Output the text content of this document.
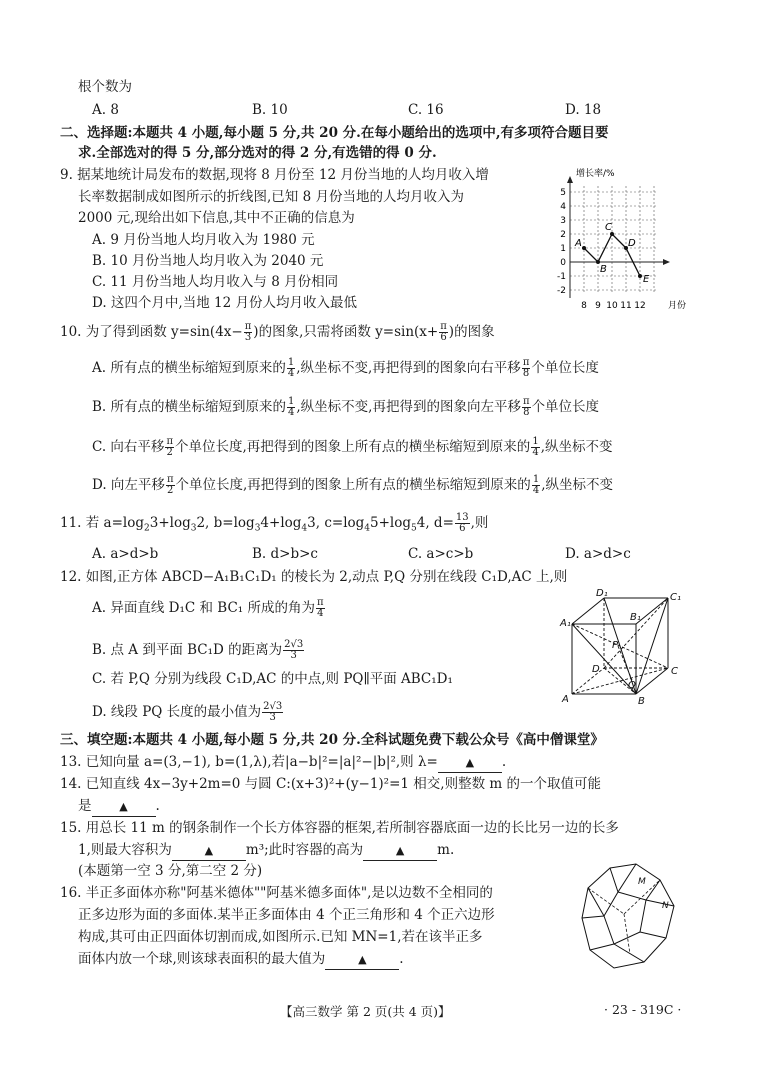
根个数为
A. 8	B. 10	C. 16	D. 18
二、选择题:本题共 4 小题,每小题 5 分,共 20 分.在每小题给出的选项中,有多项符合题目要
求.全部选对的得 5 分,部分选对的得 2 分,有选错的得 0 分.
9. 据某地统计局发布的数据,现将 8 月份至 12 月份当地的人均月收入增
长率数据制成如图所示的折线图,已知 8 月份当地的人均月收入为
2000 元,现给出如下信息,其中不正确的信息为
A. 9 月份当地人均月收入为 1980 元
B. 10 月份当地人均月收入为 2040 元
C. 11 月份当地人均月收入与 8 月份相同
D. 这四个月中,当地 12 月份人均月收入最低
增长率/%
月份
5
4
3
2
1
0
-1
-2
8 9 10 11 12
A
B
C
D
E
10. 为了得到函数 $y=\sin(4x- \frac{\pi}{3}$ )的图象,只需将函数 $y=\sin(x+ \frac{\pi}{6}$ )的图象
A. 所有点的横坐标缩短到原来的 $\frac{1}{4}$ ,纵坐标不变,再把得到的图象向右平移 $\frac{\pi}{8}$ 个单位长度
B. 所有点的横坐标缩短到原来的 $\frac{1}{4}$ ,纵坐标不变,再把得到的图象向左平移 $\frac{\pi}{8}$ 个单位长度
C. 向右平移 $\frac{\pi}{2}$ 个单位长度,再把得到的图象上所有点的横坐标缩短到原来的 $\frac{1}{4}$ ,纵坐标不变
D. 向左平移 $\frac{\pi}{2}$ 个单位长度,再把得到的图象上所有点的横坐标缩短到原来的 $\frac{1}{4}$ ,纵坐标不变
11. 若 $a=\log_23+\log_32$, $b=\log_34+\log_43$, $c=\log_45+\log_54$, $d= \frac{13}{6}$ ,则
A. a>d>b	B. d>b>c	C. a>c>b	D. a>d>c
12. 如图,正方体 ABCD−A₁B₁C₁D₁ 的棱长为 2,动点 P,Q 分别在线段 C₁D,AC 上,则
A. 异面直线 D₁C 和 BC₁ 所成的角为 $\frac{\pi}{4}$
B. 点 A 到平面 BC₁D 的距离为 $\frac{2√3}{3}$
C. 若 P,Q 分别为线段 C₁D,AC 的中点,则 PQ∥平面 ABC₁D₁
D. 线段 PQ 长度的最小值为 $\frac{2√3}{3}$
D₁	C₁
A₁
B₁
P
D	C
Q
A	B
三、填空题:本题共 4 小题,每小题 5 分,共 20 分.全科试题免费下载公众号《高中僧课堂》
13. 已知向量 a=(3,−1), b=(1,λ),若|a−b|²=|a|²−|b|²,则 λ=	▲ .
14. 已知直线 4x−3y+2m=0 与圆 C:(x+3)²+(y−1)²=1 相交,则整数 m 的一个取值可能
是	▲ .
15. 用总长 11 m 的钢条制作一个长方体容器的框架,若所制容器底面一边的长比另一边的长多
1,则最大容积为	▲ m³;此时容器的高为	▲ m.
(本题第一空 3 分,第二空 2 分)
16. 半正多面体亦称"阿基米德体""阿基米德多面体",是以边数不全相同的
正多边形为面的多面体.某半正多面体由 4 个正三角形和 4 个正六边形
构成,其可由正四面体切割而成,如图所示.已知 MN=1,若在该半正多
面体内放一个球,则该球表面积的最大值为	▲ .
M
N
【高三数学 第 2 页(共 4 页)】	· 23 - 319C ·
